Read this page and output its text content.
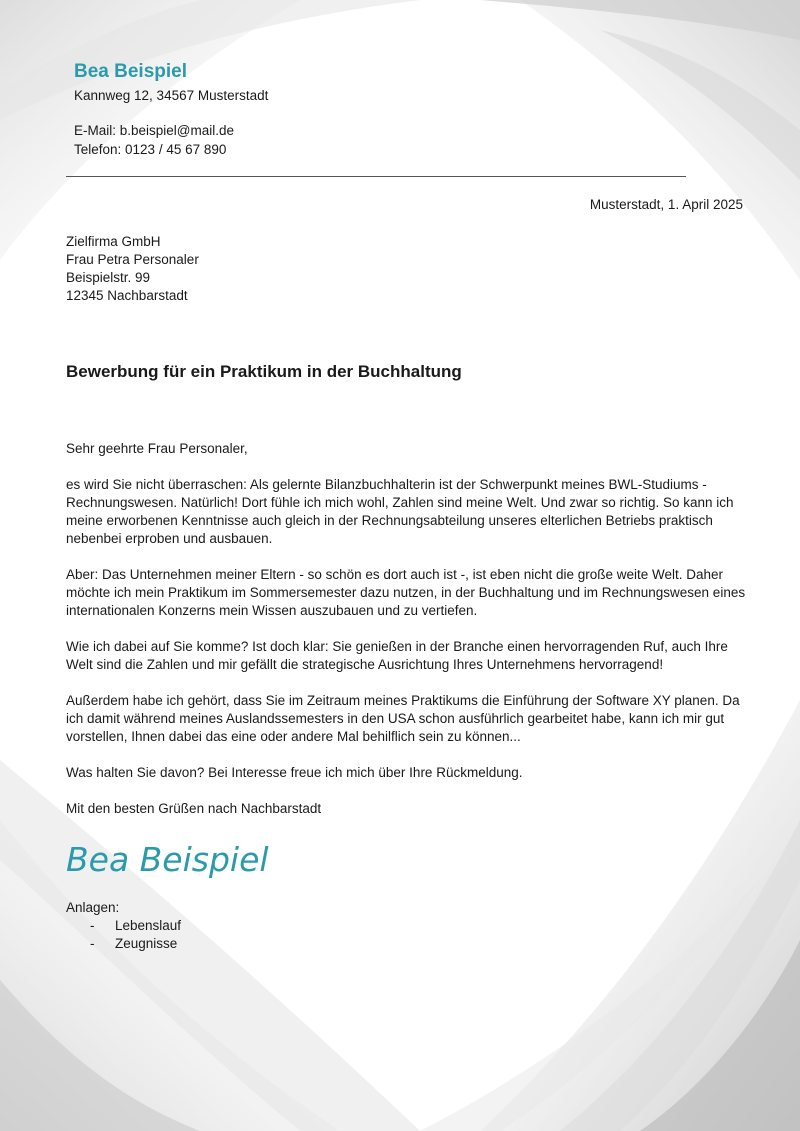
Bea Beispiel
Kannweg 12, 34567 Musterstadt
E-Mail: b.beispiel@mail.de
Telefon: 0123 / 45 67 890
Musterstadt, 1. April 2025
Zielfirma GmbH
Frau Petra Personaler
Beispielstr. 99
12345 Nachbarstadt
Bewerbung für ein Praktikum in der Buchhaltung

Sehr geehrte Frau Personaler,

es wird Sie nicht überraschen: Als gelernte Bilanzbuchhalterin ist der Schwerpunkt meines BWL-Studiums - Rechnungswesen. Natürlich! Dort fühle ich mich wohl, Zahlen sind meine Welt. Und zwar so richtig. So kann ich meine erworbenen Kenntnisse auch gleich in der Rechnungsabteilung unseres elterlichen Betriebs praktisch nebenbei erproben und ausbauen.

Aber: Das Unternehmen meiner Eltern - so schön es dort auch ist -, ist eben nicht die große weite Welt. Daher möchte ich mein Praktikum im Sommersemester dazu nutzen, in der Buchhaltung und im Rechnungswesen eines internationalen Konzerns mein Wissen auszubauen und zu vertiefen.

Wie ich dabei auf Sie komme? Ist doch klar: Sie genießen in der Branche einen hervorragenden Ruf, auch Ihre Welt sind die Zahlen und mir gefällt die strategische Ausrichtung Ihres Unternehmens hervorragend!

Außerdem habe ich gehört, dass Sie im Zeitraum meines Praktikums die Einführung der Software XY planen. Da ich damit während meines Auslandssemesters in den USA schon ausführlich gearbeitet habe, kann ich mir gut vorstellen, Ihnen dabei das eine oder andere Mal behilflich sein zu können...

Was halten Sie davon? Bei Interesse freue ich mich über Ihre Rückmeldung.

Mit den besten Grüßen nach Nachbarstadt

Bea Beispiel
Anlagen:
- Lebenslauf
- Zeugnisse
